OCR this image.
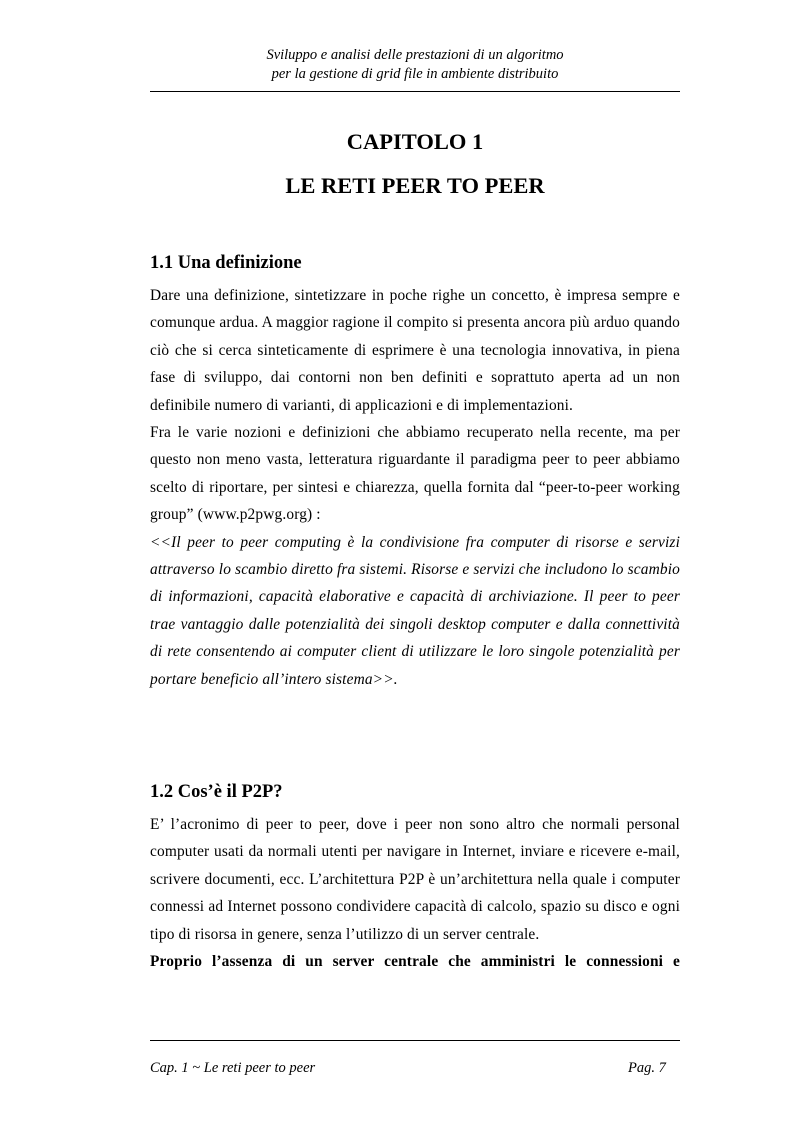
Sviluppo e analisi delle prestazioni di un algoritmo
per la gestione di grid file in ambiente distribuito
CAPITOLO 1
LE RETI PEER TO PEER
1.1 Una definizione

Dare una definizione, sintetizzare in poche righe un concetto, è impresa sempre e comunque ardua. A maggior ragione il compito si presenta ancora più arduo quando ciò che si cerca sinteticamente di esprimere è una tecnologia innovativa, in piena fase di sviluppo, dai contorni non ben definiti e soprattuto aperta ad un non definibile numero di varianti, di applicazioni e di implementazioni.

Fra le varie nozioni e definizioni che abbiamo recuperato nella recente, ma per questo non meno vasta, letteratura riguardante il paradigma peer to peer abbiamo scelto di riportare, per sintesi e chiarezza, quella fornita dal “peer-to-peer working group” (www.p2pwg.org) :

<<Il peer to peer computing è la condivisione fra computer di risorse e servizi attraverso lo scambio diretto fra sistemi. Risorse e servizi che includono lo scambio di informazioni, capacità elaborative e capacità di archiviazione. Il peer to peer trae vantaggio dalle potenzialità dei singoli desktop computer e dalla connettività di rete consentendo ai computer client di utilizzare le loro singole potenzialità per portare beneficio all’intero sistema>>.

1.2 Cos’è il P2P?

E’ l’acronimo di peer to peer, dove i peer non sono altro che normali personal computer usati da normali utenti per navigare in Internet, inviare e ricevere e-mail, scrivere documenti, ecc. L’architettura P2P è un’architettura nella quale i computer connessi ad Internet possono condividere capacità di calcolo, spazio su disco e ogni tipo di risorsa in genere, senza l’utilizzo di un server centrale.

Proprio l’assenza di un server centrale che amministri le connessioni e

Cap. 1 ~ Le reti peer to peer	Pag. 7
